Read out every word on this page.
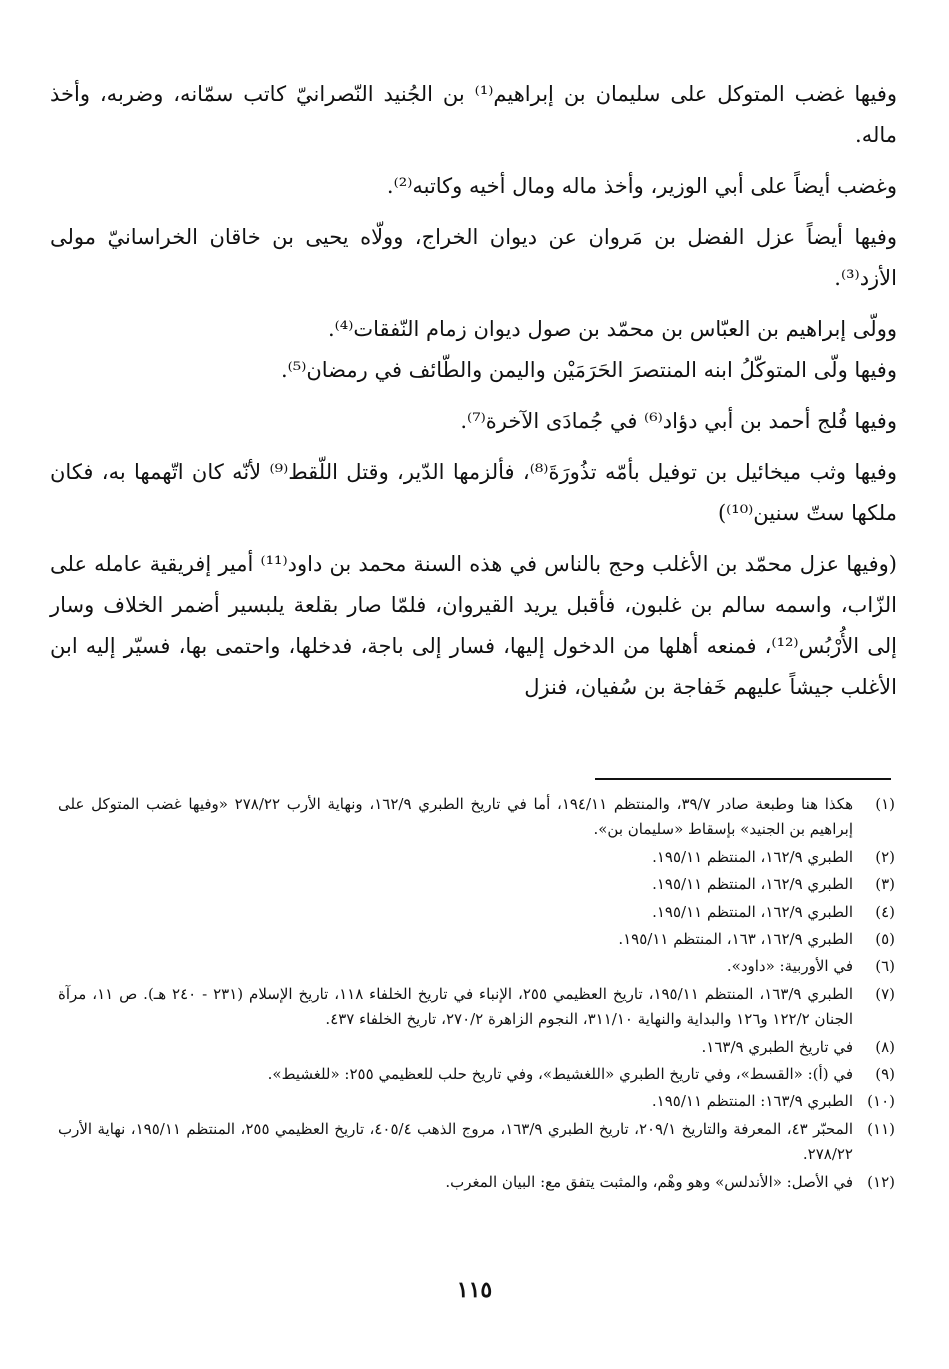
وفيها غضب المتوكل على سليمان بن إبراهيم⁽¹⁾ بن الجُنيد النّصرانيّ كاتب سمّانه، وضربه، وأخذ ماله.

وغضب أيضاً على أبي الوزير، وأخذ ماله ومال أخيه وكاتبه⁽²⁾.

وفيها أيضاً عزل الفضل بن مَروان عن ديوان الخراج، وولّاه يحيى بن خاقان الخراسانيّ مولى الأزد⁽³⁾.

وولّى إبراهيم بن العبّاس بن محمّد بن صول ديوان زمام النّفقات⁽⁴⁾.

وفيها ولّى المتوكّلُ ابنه المنتصرَ الحَرَمَيْن واليمن والطّائف في رمضان⁽⁵⁾.

وفيها فُلج أحمد بن أبي دؤاد⁽⁶⁾ في جُمادَى الآخرة⁽⁷⁾.

وفيها وثب ميخائيل بن توفيل بأمّه تذُورَةَ⁽⁸⁾، فألزمها الدّير، وقتل اللّقط⁽⁹⁾ لأنّه كان اتّهمها به، فكان ملكها ستّ سنين⁽¹⁰⁾)

(وفيها عزل محمّد بن الأغلب وحج بالناس في هذه السنة محمد بن داود⁽¹¹⁾ أمير إفريقية عامله على الزّاب، واسمه سالم بن غلبون، فأقبل يريد القيروان، فلمّا صار بقلعة يلبسير أضمر الخلاف وسار إلى الأُرْبُس⁽¹²⁾، فمنعه أهلها من الدخول إليها، فسار إلى باجة، فدخلها، واحتمى بها، فسيّر إليه ابن الأغلب جيشاً عليهم خَفاجة بن سُفيان، فنزل

(١)
هكذا هنا وطبعة صادر ٣٩/٧، والمنتظم ١٩٤/١١، أما في تاريخ الطبري ١٦٢/٩، ونهاية الأرب ٢٧٨/٢٢ «وفيها غضب المتوكل على إبراهيم بن الجنيد» بإسقاط «سليمان بن».
(٢)
الطبري ١٦٢/٩، المنتظم ١٩٥/١١.
(٣)
الطبري ١٦٢/٩، المنتظم ١٩٥/١١.
(٤)
الطبري ١٦٢/٩، المنتظم ١٩٥/١١.
(٥)
الطبري ١٦٢/٩، ١٦٣، المنتظم ١٩٥/١١.
(٦)
في الأوربية: «داود».
(٧)
الطبري ١٦٣/٩، المنتظم ١٩٥/١١، تاريخ العظيمي ٢٥٥، الإنباء في تاريخ الخلفاء ١١٨، تاريخ الإسلام (٢٣١ - ٢٤٠ هـ). ص ١١، مرآة الجنان ١٢٢/٢ و١٢٦ والبداية والنهاية ٣١١/١٠، النجوم الزاهرة ٢٧٠/٢، تاريخ الخلفاء ٤٣٧.
(٨)
في تاريخ الطبري ١٦٣/٩.
(٩)
في (أ): «القسط»، وفي تاريخ الطبري «اللغشيط»، وفي تاريخ حلب للعظيمي ٢٥٥: «للغشيط».
(١٠)
الطبري ١٦٣/٩: المنتظم ١٩٥/١١.
(١١)
المحبّر ٤٣، المعرفة والتاريخ ٢٠٩/١، تاريخ الطبري ١٦٣/٩، مروج الذهب ٤٠٥/٤، تاريخ العظيمي ٢٥٥، المنتظم ١٩٥/١١، نهاية الأرب ٢٧٨/٢٢.
(١٢)
في الأصل: «الأندلس» وهو وهْم، والمثبت يتفق مع: البيان المغرب.
١١٥
